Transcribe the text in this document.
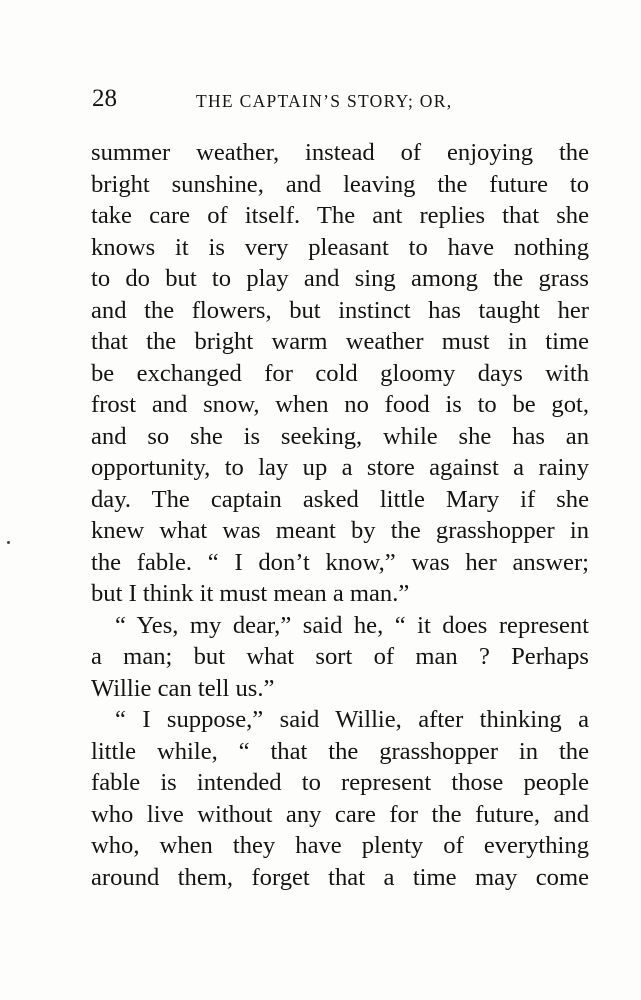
28	THE CAPTAIN’S STORY; OR,
summer weather, instead of enjoying the
bright sunshine, and leaving the future to
take care of itself. The ant replies that she
knows it is very pleasant to have nothing
to do but to play and sing among the grass
and the flowers, but instinct has taught her
that the bright warm weather must in time
be exchanged for cold gloomy days with
frost and snow, when no food is to be got,
and so she is seeking, while she has an
opportunity, to lay up a store against a rainy
day. The captain asked little Mary if she
knew what was meant by the grasshopper in
the fable. “ I don’t know,” was her answer;
but I think it must mean a man.”
“ Yes, my dear,” said he, “ it does represent
a man; but what sort of man ? Perhaps
Willie can tell us.”
“ I suppose,” said Willie, after thinking a
little while, “ that the grasshopper in the
fable is intended to represent those people
who live without any care for the future, and
who, when they have plenty of everything
around them, forget that a time may come
